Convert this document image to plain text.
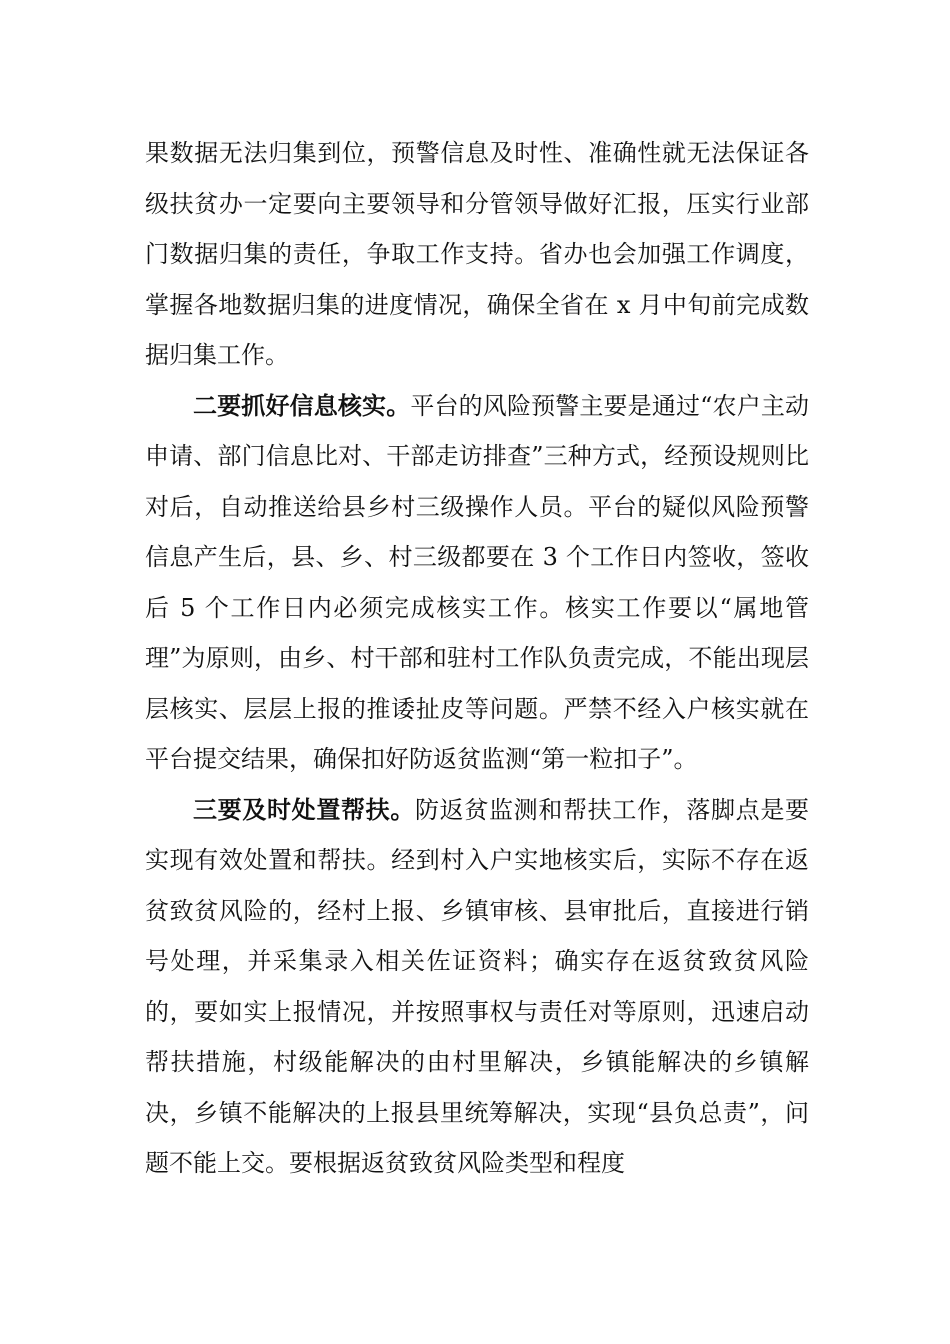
果数据无法归集到位，预警信息及时性、准确性就无法保证各级扶贫办一定要向主要领导和分管领导做好汇报，压实行业部门数据归集的责任，争取工作支持。省办也会加强工作调度，掌握各地数据归集的进度情况，确保全省在 x 月中旬前完成数据归集工作。

二要抓好信息核实。平台的风险预警主要是通过“农户主动申请、部门信息比对、干部走访排查”三种方式，经预设规则比对后，自动推送给县乡村三级操作人员。平台的疑似风险预警信息产生后，县、乡、村三级都要在 3 个工作日内签收，签收后 5 个工作日内必须完成核实工作。核实工作要以“属地管理”为原则，由乡、村干部和驻村工作队负责完成，不能出现层层核实、层层上报的推诿扯皮等问题。严禁不经入户核实就在平台提交结果，确保扣好防返贫监测“第一粒扣子”。

三要及时处置帮扶。防返贫监测和帮扶工作，落脚点是要实现有效处置和帮扶。经到村入户实地核实后，实际不存在返贫致贫风险的，经村上报、乡镇审核、县审批后，直接进行销号处理，并采集录入相关佐证资料；确实存在返贫致贫风险的，要如实上报情况，并按照事权与责任对等原则，迅速启动帮扶措施，村级能解决的由村里解决，乡镇能解决的乡镇解决，乡镇不能解决的上报县里统筹解决，实现“县负总责”，问题不能上交。要根据返贫致贫风险类型和程度
